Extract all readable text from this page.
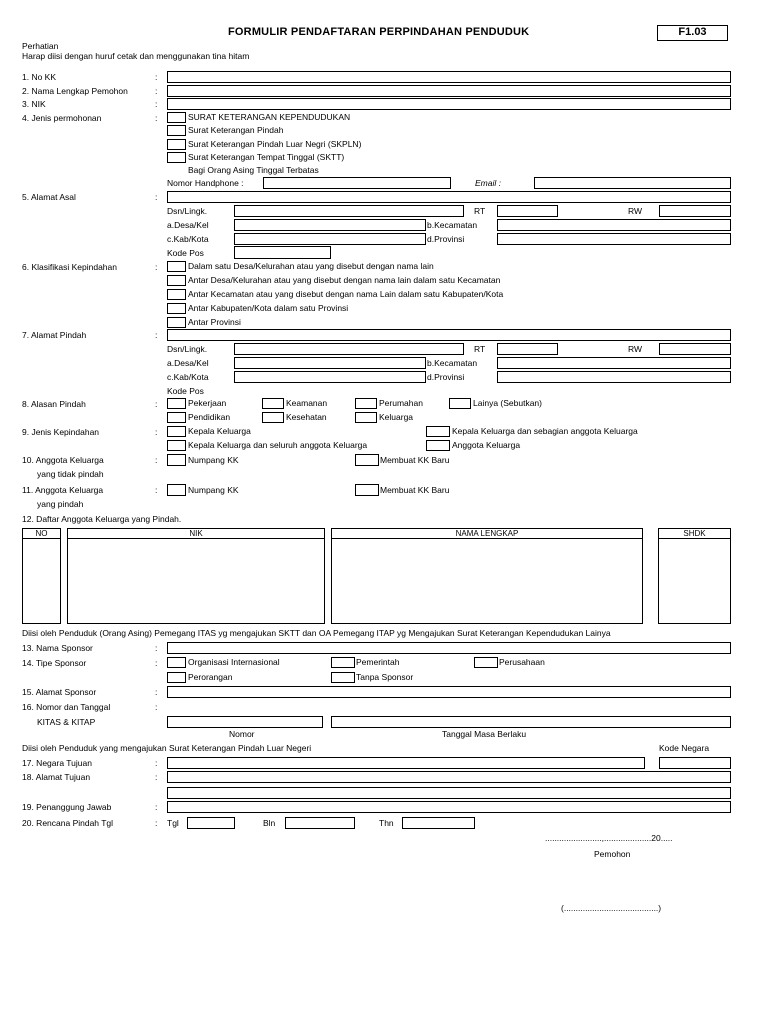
FORMULIR PENDAFTARAN PERPINDAHAN PENDUDUK	F1.03
Perhatian
Harap diisi dengan huruf cetak dan menggunakan tina hitam
1. No KK	:
2. Nama Lengkap Pemohon	:
3. NIK	:
4. Jenis permohonan	:	SURAT KETERANGAN KEPENDUDUKAN
Surat Keterangan Pindah
Surat Keterangan Pindah Luar Negri (SKPLN)
Surat Keterangan Tempat Tinggal (SKTT)
Bagi Orang Asing Tinggal Terbatas
Nomor Handphone :	Email :
5. Alamat Asal	:
Dsn/Lingk.	RT	RW
a.Desa/Kel	b.Kecamatan
c.Kab/Kota	d.Provinsi
Kode Pos
6. Klasifikasi Kepindahan	:	Dalam satu Desa/Kelurahan atau yang disebut dengan nama lain
Antar Desa/Kelurahan atau yang disebut dengan nama lain dalam satu Kecamatan
Antar Kecamatan atau yang disebut dengan nama Lain dalam satu Kabupaten/Kota
Antar Kabupaten/Kota dalam satu Provinsi
Antar Provinsi
7. Alamat Pindah	:
Dsn/Lingk.	RT	RW
a.Desa/Kel	b.Kecamatan
c.Kab/Kota	d.Provinsi
Kode Pos
8. Alasan Pindah	:	Pekerjaan	Keamanan	Perumahan	Lainya (Sebutkan)
Pendidikan	Kesehatan	Keluarga
9. Jenis Kepindahan	:	Kepala Keluarga	Kepala Keluarga dan sebagian anggota Keluarga
Kepala Keluarga dan seluruh anggota Keluarga	Anggota Keluarga
10. Anggota Keluarga
yang tidak pindah
:	Numpang KK	Membuat KK Baru
11. Anggota Keluarga
yang pindah
:	Numpang KK	Membuat KK Baru
12. Daftar Anggota Keluarga yang Pindah.
NO	NIK	NAMA LENGKAP	SHDK
Diisi oleh Penduduk (Orang Asing) Pemegang ITAS yg mengajukan SKTT dan OA Pemegang ITAP yg Mengajukan Surat Keterangan Kependudukan Lainya
13. Nama Sponsor	:
14. Tipe Sponsor	:	Organisasi Internasional	Pemerintah	Perusahaan
Perorangan	Tanpa Sponsor
15. Alamat Sponsor	:
16. Nomor dan Tanggal
KITAS & KITAP
:
Nomor	Tanggal Masa Berlaku
Diisi oleh Penduduk yang mengajukan Surat Keterangan Pindah Luar Negeri	Kode Negara
17. Negara Tujuan	:
18. Alamat Tujuan	:
19. Penanggung Jawab	:
20. Rencana Pindah Tgl	: Tgl	Bln	Thn
........................,....................20.....
Pemohon
(........................................)
